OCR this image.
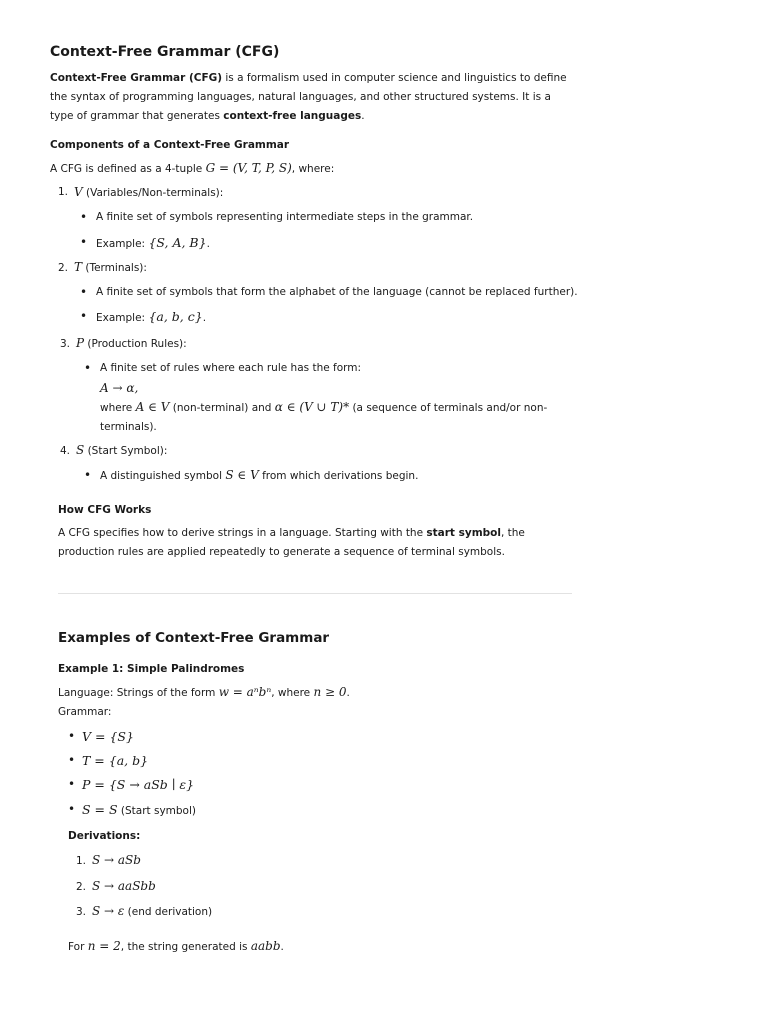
Context-Free Grammar (CFG)

Context-Free Grammar (CFG) is a formalism used in computer science and linguistics to define the syntax of programming languages, natural languages, and other structured systems. It is a type of grammar that generates context-free languages.

Components of a Context-Free Grammar

A CFG is defined as a 4-tuple G = (V, T, P, S), where:

1. V (Variables/Non-terminals):
• A finite set of symbols representing intermediate steps in the grammar.
• Example: {S, A, B}.
2. T (Terminals):
• A finite set of symbols that form the alphabet of the language (cannot be replaced further).
• Example: {a, b, c}.
3. P (Production Rules):
• A finite set of rules where each rule has the form:
A → α,
where A ∈ V (non-terminal) and α ∈ (V ∪ T)* (a sequence of terminals and/or non-terminals).
4. S (Start Symbol):
• A distinguished symbol S ∈ V from which derivations begin.
How CFG Works

A CFG specifies how to derive strings in a language. Starting with the start symbol, the production rules are applied repeatedly to generate a sequence of terminal symbols.

Examples of Context-Free Grammar
Example 1: Simple Palindromes

Language: Strings of the form w = aⁿbⁿ, where n ≥ 0.

Grammar:

• V = {S}
• T = {a, b}
• P = {S → aSb ∣ ε}
• S = S (Start symbol)
Derivations:
1. S → aSb
2. S → aaSbb
3. S → ε (end derivation)

For n = 2, the string generated is aabb.
